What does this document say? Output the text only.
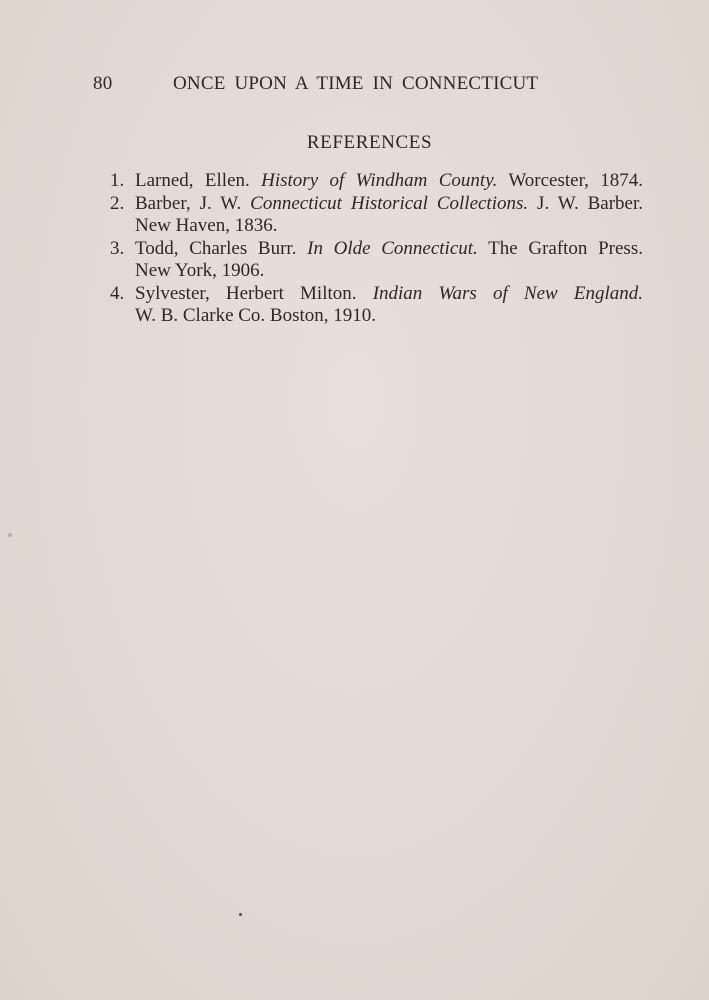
80	ONCE UPON A TIME IN CONNECTICUT
REFERENCES
1. Larned, Ellen. History of Windham County. Worcester, 1874.
2. Barber, J. W. Connecticut Historical Collections. J. W. Barber.
New Haven, 1836.
3. Todd, Charles Burr. In Olde Connecticut. The Grafton Press.
New York, 1906.
4. Sylvester, Herbert Milton. Indian Wars of New England.
W. B. Clarke Co. Boston, 1910.
